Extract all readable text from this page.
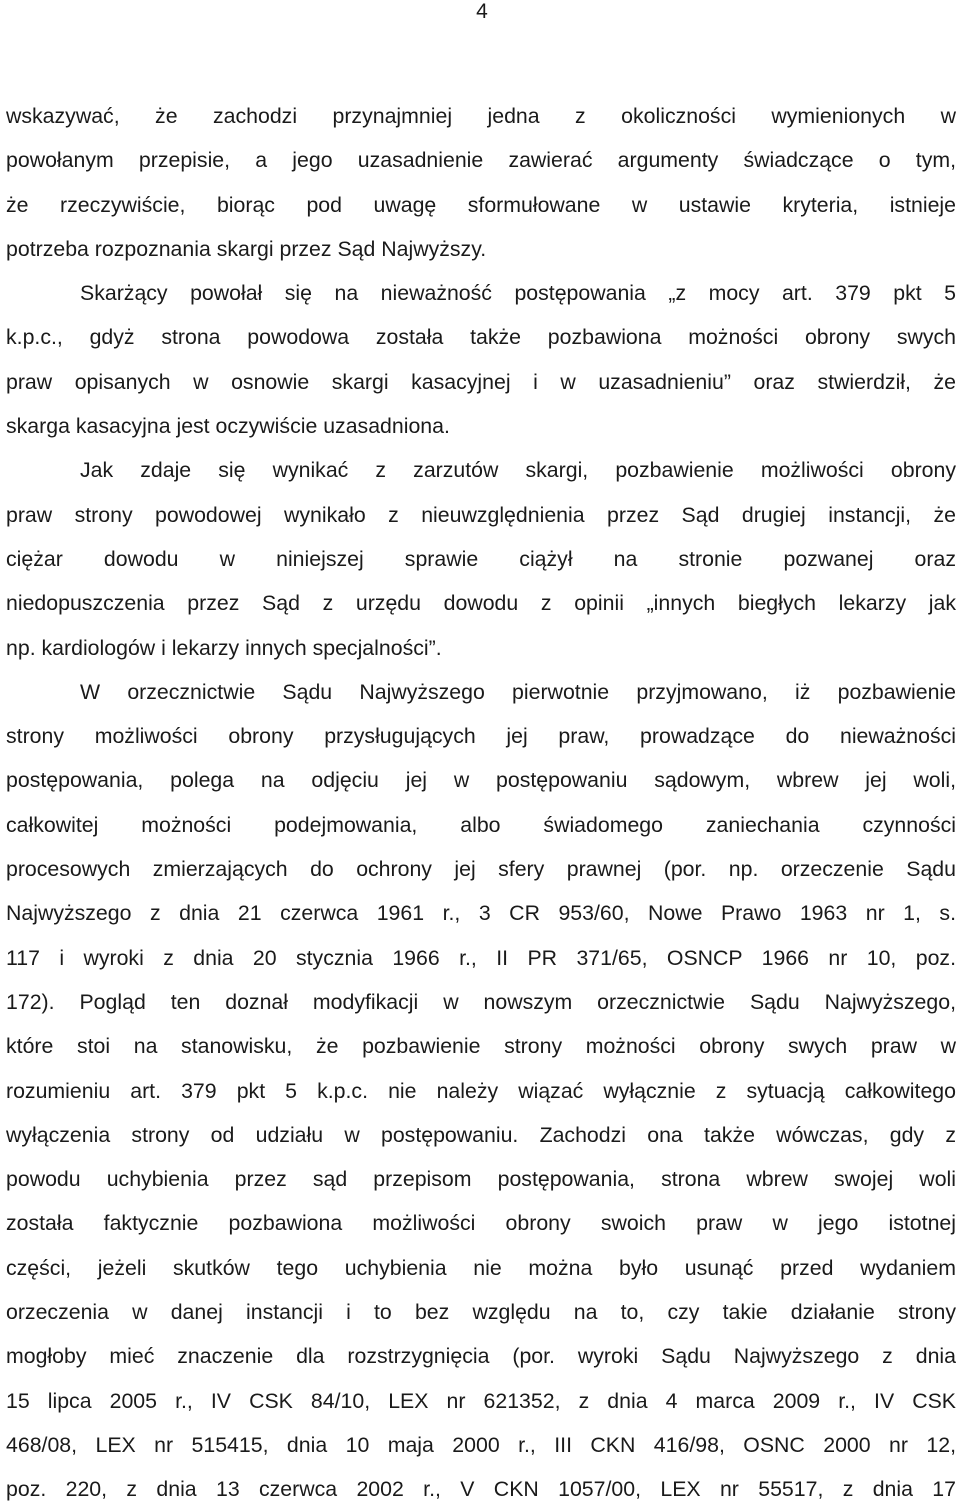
4
wskazywać, że zachodzi przynajmniej jedna z okoliczności wymienionych w
powołanym przepisie, a jego uzasadnienie zawierać argumenty świadczące o tym,
że rzeczywiście, biorąc pod uwagę sformułowane w ustawie kryteria, istnieje
potrzeba rozpoznania skargi przez Sąd Najwyższy.
Skarżący powołał się na nieważność postępowania „z mocy art. 379 pkt 5
k.p.c., gdyż strona powodowa została także pozbawiona możności obrony swych
praw opisanych w osnowie skargi kasacyjnej i w uzasadnieniu” oraz stwierdził, że
skarga kasacyjna jest oczywiście uzasadniona.
Jak zdaje się wynikać z zarzutów skargi, pozbawienie możliwości obrony
praw strony powodowej wynikało z nieuwzględnienia przez Sąd drugiej instancji, że
ciężar dowodu w niniejszej sprawie ciążył na stronie pozwanej oraz
niedopuszczenia przez Sąd z urzędu dowodu z opinii „innych biegłych lekarzy jak
np. kardiologów i lekarzy innych specjalności”.
W orzecznictwie Sądu Najwyższego pierwotnie przyjmowano, iż pozbawienie
strony możliwości obrony przysługujących jej praw, prowadzące do nieważności
postępowania, polega na odjęciu jej w postępowaniu sądowym, wbrew jej woli,
całkowitej możności podejmowania, albo świadomego zaniechania czynności
procesowych zmierzających do ochrony jej sfery prawnej (por. np. orzeczenie Sądu
Najwyższego z dnia 21 czerwca 1961 r., 3 CR 953/60, Nowe Prawo 1963 nr 1, s.
117 i wyroki z dnia 20 stycznia 1966 r., II PR 371/65, OSNCP 1966 nr 10, poz.
172). Pogląd ten doznał modyfikacji w nowszym orzecznictwie Sądu Najwyższego,
które stoi na stanowisku, że pozbawienie strony możności obrony swych praw w
rozumieniu art. 379 pkt 5 k.p.c. nie należy wiązać wyłącznie z sytuacją całkowitego
wyłączenia strony od udziału w postępowaniu. Zachodzi ona także wówczas, gdy z
powodu uchybienia przez sąd przepisom postępowania, strona wbrew swojej woli
została faktycznie pozbawiona możliwości obrony swoich praw w jego istotnej
części, jeżeli skutków tego uchybienia nie można było usunąć przed wydaniem
orzeczenia w danej instancji i to bez względu na to, czy takie działanie strony
mogłoby mieć znaczenie dla rozstrzygnięcia (por. wyroki Sądu Najwyższego z dnia
15 lipca 2005 r., IV CSK 84/10, LEX nr 621352, z dnia 4 marca 2009 r., IV CSK
468/08, LEX nr 515415, dnia 10 maja 2000 r., III CKN 416/98, OSNC 2000 nr 12,
poz. 220, z dnia 13 czerwca 2002 r., V CKN 1057/00, LEX nr 55517, z dnia 17
